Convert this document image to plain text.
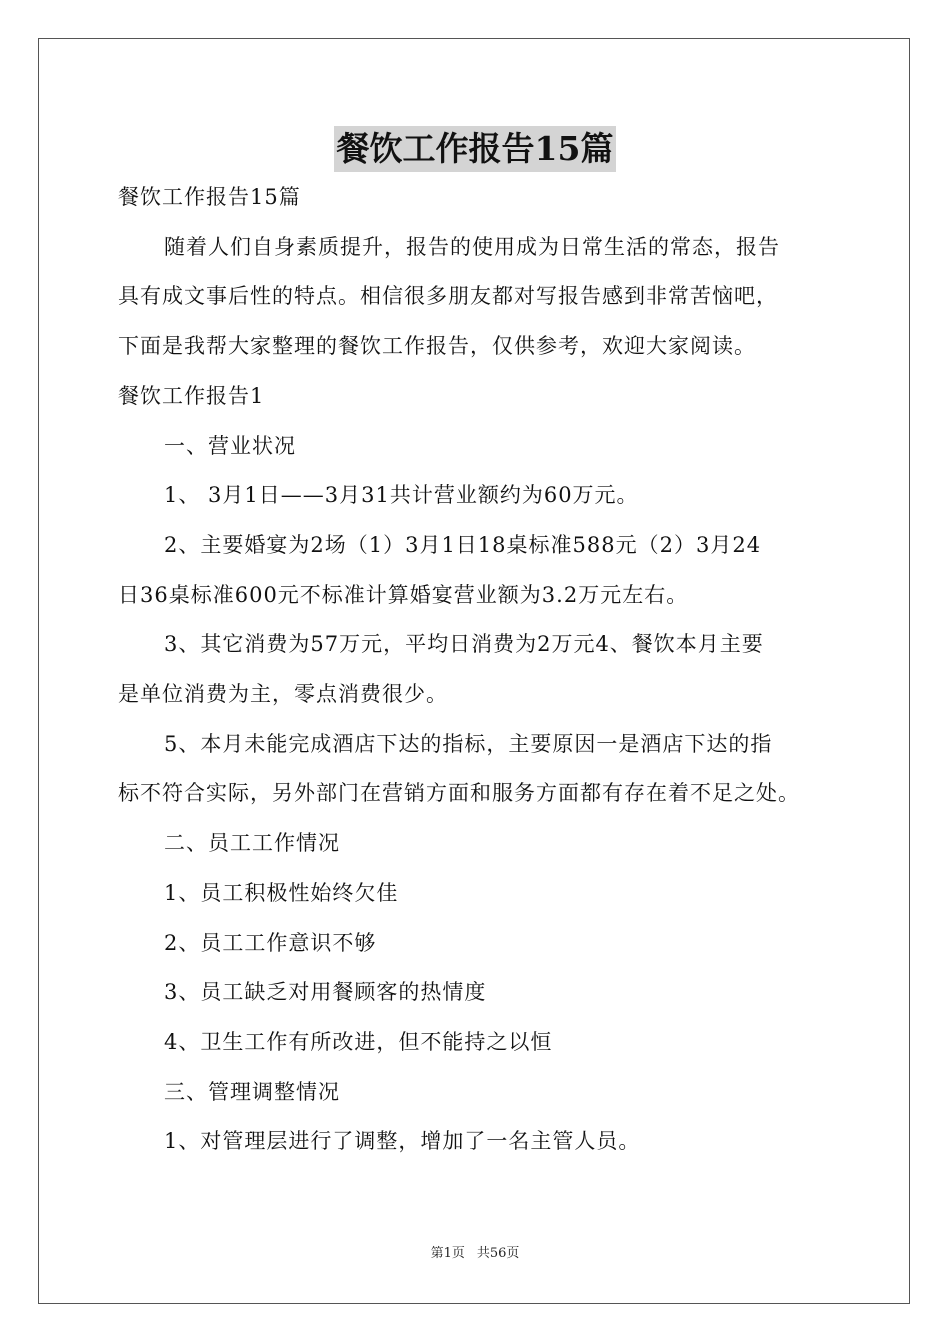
餐饮工作报告15篇
餐饮工作报告15篇
随着人们自身素质提升，报告的使用成为日常生活的常态，报告
具有成文事后性的特点。相信很多朋友都对写报告感到非常苦恼吧，
下面是我帮大家整理的餐饮工作报告，仅供参考，欢迎大家阅读。
餐饮工作报告1
一、营业状况
1、 3月1日——3月31共计营业额约为60万元。
2、主要婚宴为2场（1）3月1日18桌标准588元（2）3月24
日36桌标准600元不标准计算婚宴营业额为3.2万元左右。
3、其它消费为57万元，平均日消费为2万元4、餐饮本月主要
是单位消费为主，零点消费很少。
5、本月未能完成酒店下达的指标，主要原因一是酒店下达的指
标不符合实际，另外部门在营销方面和服务方面都有存在着不足之处。
二、员工工作情况
1、员工积极性始终欠佳
2、员工工作意识不够
3、员工缺乏对用餐顾客的热情度
4、卫生工作有所改进，但不能持之以恒
三、管理调整情况
1、对管理层进行了调整，增加了一名主管人员。
第1页 共56页
